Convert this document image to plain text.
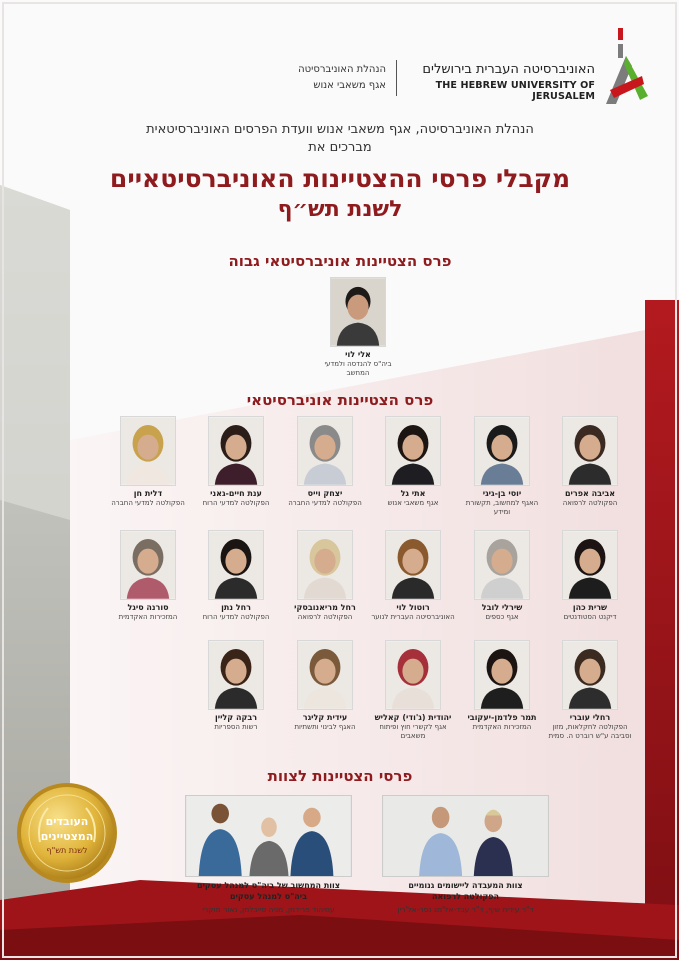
האוניברסיטה העברית בירושלים
THE HEBREW UNIVERSITY OF JERUSALEM
הנהלת האוניברסיטה
אגף משאבי אנוש
הנהלת האוניברסיטה, אגף משאבי אנוש וועדת הפרסים האוניברסיטאית
מברכים את
מקבלי פרסי ההצטיינות האוניברסיטאיים
לשנת תש״ף
פרס הצטיינות אוניברסיטאי גבוה
פרס הצטיינות אוניברסיטאי
פרסי הצטיינות לצוות
אלי לוי
ביה"ס להנדסה ולמדעי המחשב
צוות המעבדה ליישומים גנומיים
הפקולטה לרפואה
ד"ר עידית שיף, ד"ר עבד-אל'מג נסר-אל'רין
צוות המחשוב של ביה"ס למנהל עסקים
ביה"ס למנהל עסקים
עמיהוד פרידמן, מניה סייבלמן, נאור מוקרי
העובדים
המצטיינים
לשנת תש"ף
אביבה אפרים
הפקולטה לרפואה
יוסי בן-גיגי
האגף למחשוב, תקשורת ומידע
אתי גל
אגף משאבי אנוש
יצחק וייס
הפקולטה למדעי החברה
ענת חיים-גאני
הפקולטה למדעי הרוח
דלית חן
הפקולטה למדעי החברה
שרית כהן
דיקנט הסטודנטים
שירלי לובל
אגף כספים
רוטול לוי
האוניברסיטה העברית לנוער
רחל מריאנובסקי
הפקולטה לרפואה
רחל נתן
הפקולטה למדעי הרוח
סורנה סיגל
המזכירות האקדמית
רחלי עוברי
הפקולטה לחקלאות, מזון וסביבה ע"ש רוברט ה. סמית
תמר פלדמן-יעקובי
המזכירות האקדמית
יהודית (ג'ודי) קאליש
אגף לקשרי חוץ ופיתוח משאבים
עידית קליגר
האגף לבינוי ותשתיות
רבקה קליין
רשות הספריות
